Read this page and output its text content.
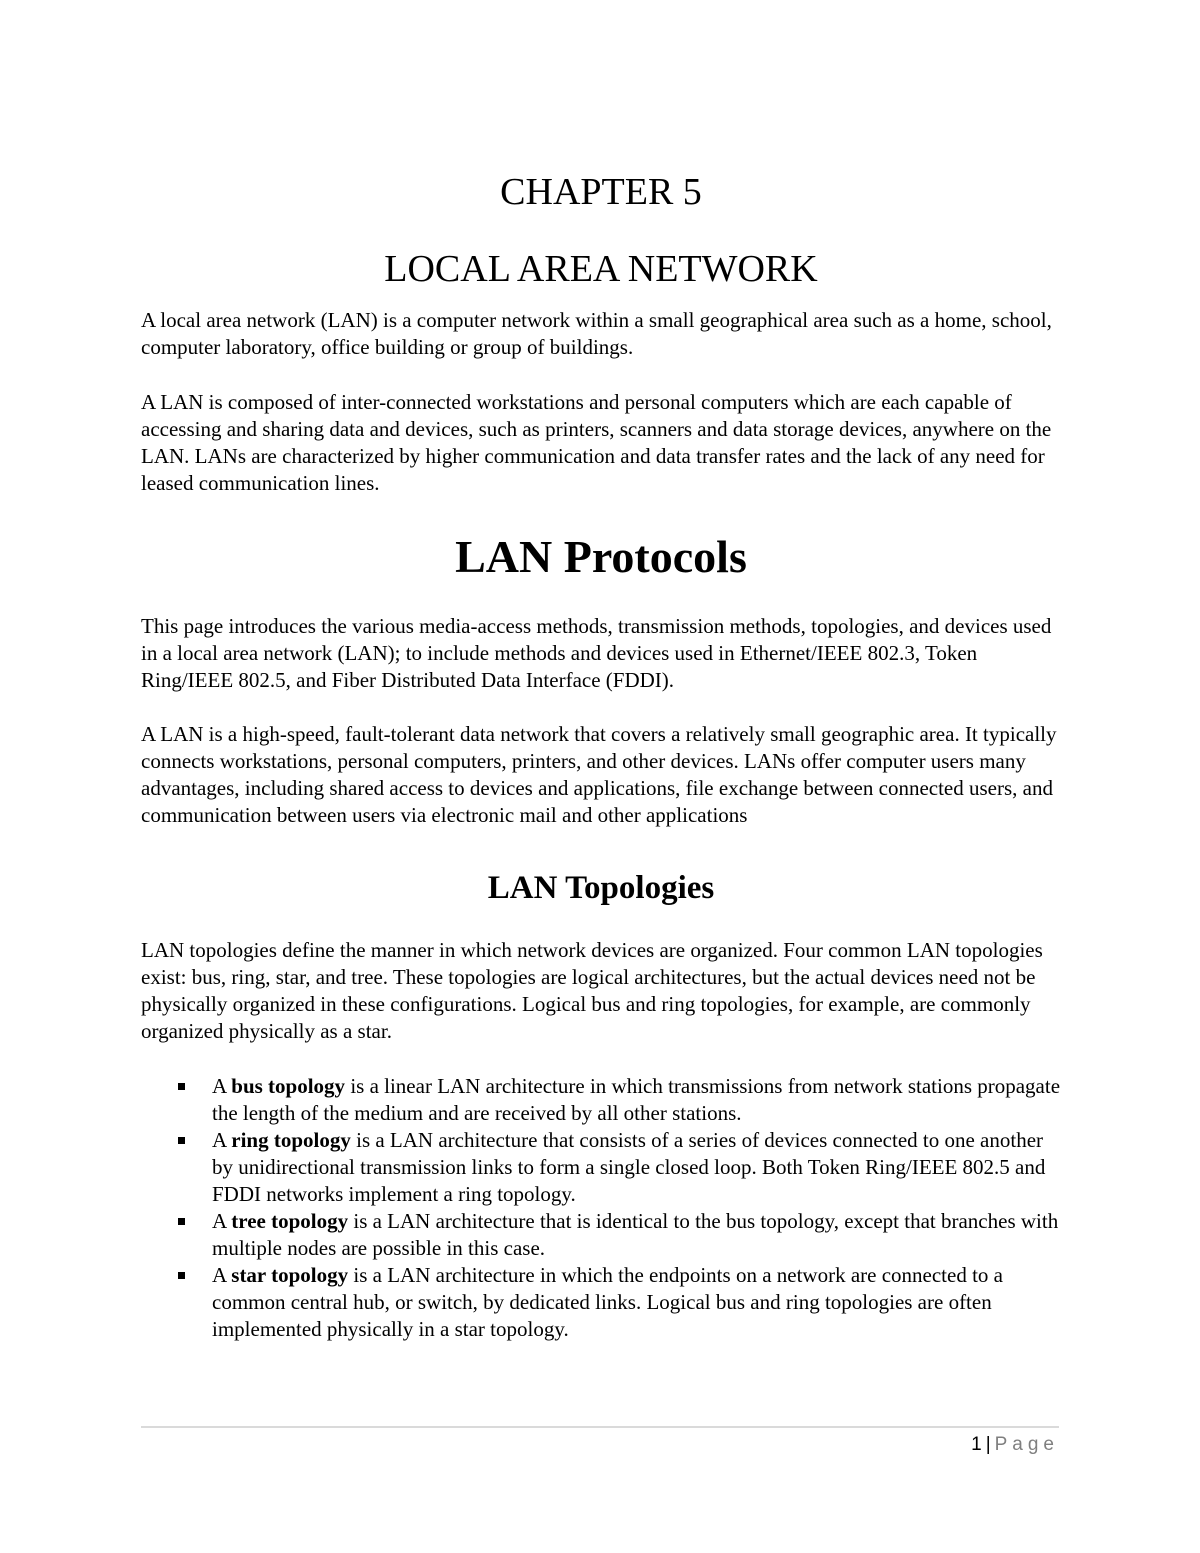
CHAPTER 5
LOCAL AREA NETWORK

A local area network (LAN) is a computer network within a small geographical area such as a home, school, computer laboratory, office building or group of buildings.

A LAN is composed of inter-connected workstations and personal computers which are each capable of accessing and sharing data and devices, such as printers, scanners and data storage devices, anywhere on the LAN. LANs are characterized by higher communication and data transfer rates and the lack of any need for leased communication lines.

LAN Protocols

This page introduces the various media-access methods, transmission methods, topologies, and devices used in a local area network (LAN); to include methods and devices used in Ethernet/IEEE 802.3, Token Ring/IEEE 802.5, and Fiber Distributed Data Interface (FDDI).

A LAN is a high-speed, fault-tolerant data network that covers a relatively small geographic area. It typically connects workstations, personal computers, printers, and other devices. LANs offer computer users many advantages, including shared access to devices and applications, file exchange between connected users, and communication between users via electronic mail and other applications

LAN Topologies

LAN topologies define the manner in which network devices are organized. Four common LAN topologies exist: bus, ring, star, and tree. These topologies are logical architectures, but the actual devices need not be physically organized in these configurations. Logical bus and ring topologies, for example, are commonly organized physically as a star.

A bus topology is a linear LAN architecture in which transmissions from network stations propagate the length of the medium and are received by all other stations.
A ring topology is a LAN architecture that consists of a series of devices connected to one another by unidirectional transmission links to form a single closed loop. Both Token Ring/IEEE 802.5 and FDDI networks implement a ring topology.
A tree topology is a LAN architecture that is identical to the bus topology, except that branches with multiple nodes are possible in this case.
A star topology is a LAN architecture in which the endpoints on a network are connected to a common central hub, or switch, by dedicated links. Logical bus and ring topologies are often implemented physically in a star topology.
1 | Page
